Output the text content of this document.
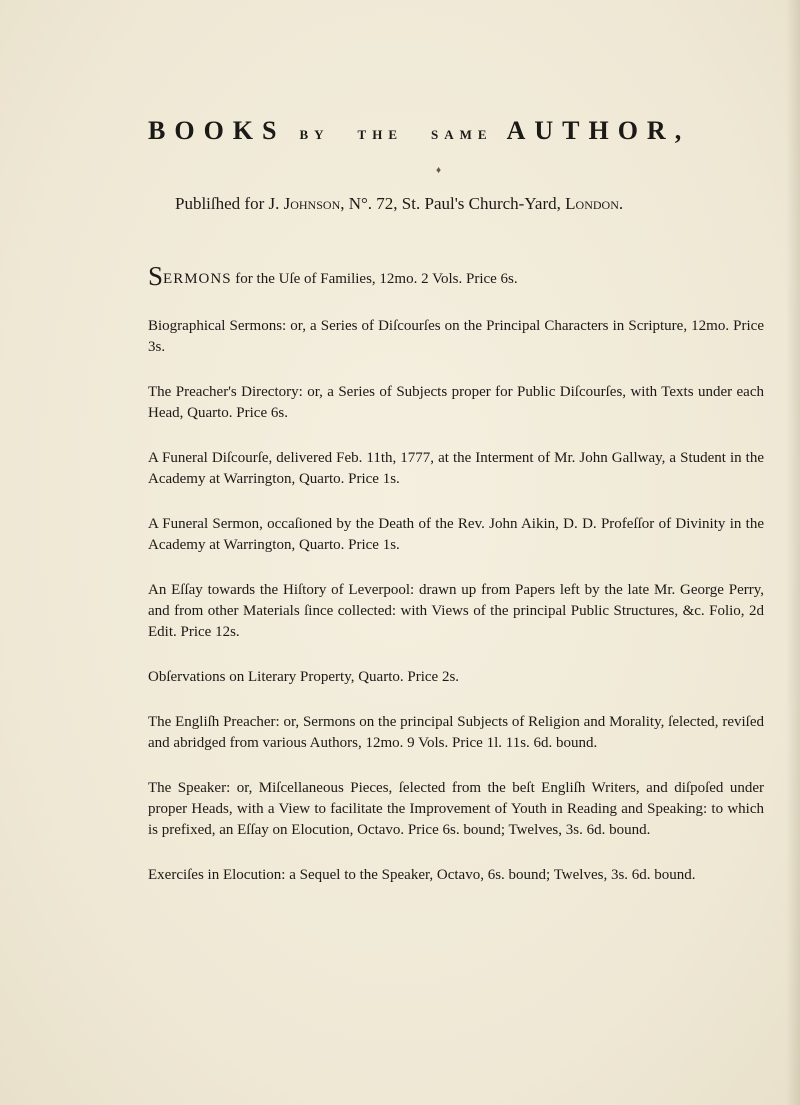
BOOKS BY THE SAME AUTHOR,
♦
Publiſhed for J. Johnson, N°. 72, St. Paul's Church-Yard, London.
SERMONS for the Uſe of Families, 12mo. 2 Vols. Price 6s.
Biographical Sermons: or, a Series of Diſcourſes on the Principal Characters in Scripture, 12mo. Price 3s.
The Preacher's Directory: or, a Series of Subjects proper for Public Diſcourſes, with Texts under each Head, Quarto. Price 6s.
A Funeral Diſcourſe, delivered Feb. 11th, 1777, at the Interment of Mr. John Gallway, a Student in the Academy at Warrington, Quarto. Price 1s.
A Funeral Sermon, occaſioned by the Death of the Rev. John Aikin, D. D. Profeſſor of Divinity in the Academy at Warrington, Quarto. Price 1s.
An Eſſay towards the Hiſtory of Leverpool: drawn up from Papers left by the late Mr. George Perry, and from other Materials ſince collected: with Views of the principal Public Structures, &c. Folio, 2d Edit. Price 12s.
Obſervations on Literary Property, Quarto. Price 2s.
The Engliſh Preacher: or, Sermons on the principal Subjects of Religion and Morality, ſelected, reviſed and abridged from various Authors, 12mo. 9 Vols. Price 1l. 11s. 6d. bound.
The Speaker: or, Miſcellaneous Pieces, ſelected from the beſt Engliſh Writers, and diſpoſed under proper Heads, with a View to facilitate the Improvement of Youth in Reading and Speaking: to which is prefixed, an Eſſay on Elocution, Octavo. Price 6s. bound; Twelves, 3s. 6d. bound.
Exerciſes in Elocution: a Sequel to the Speaker, Octavo, 6s. bound; Twelves, 3s. 6d. bound.
